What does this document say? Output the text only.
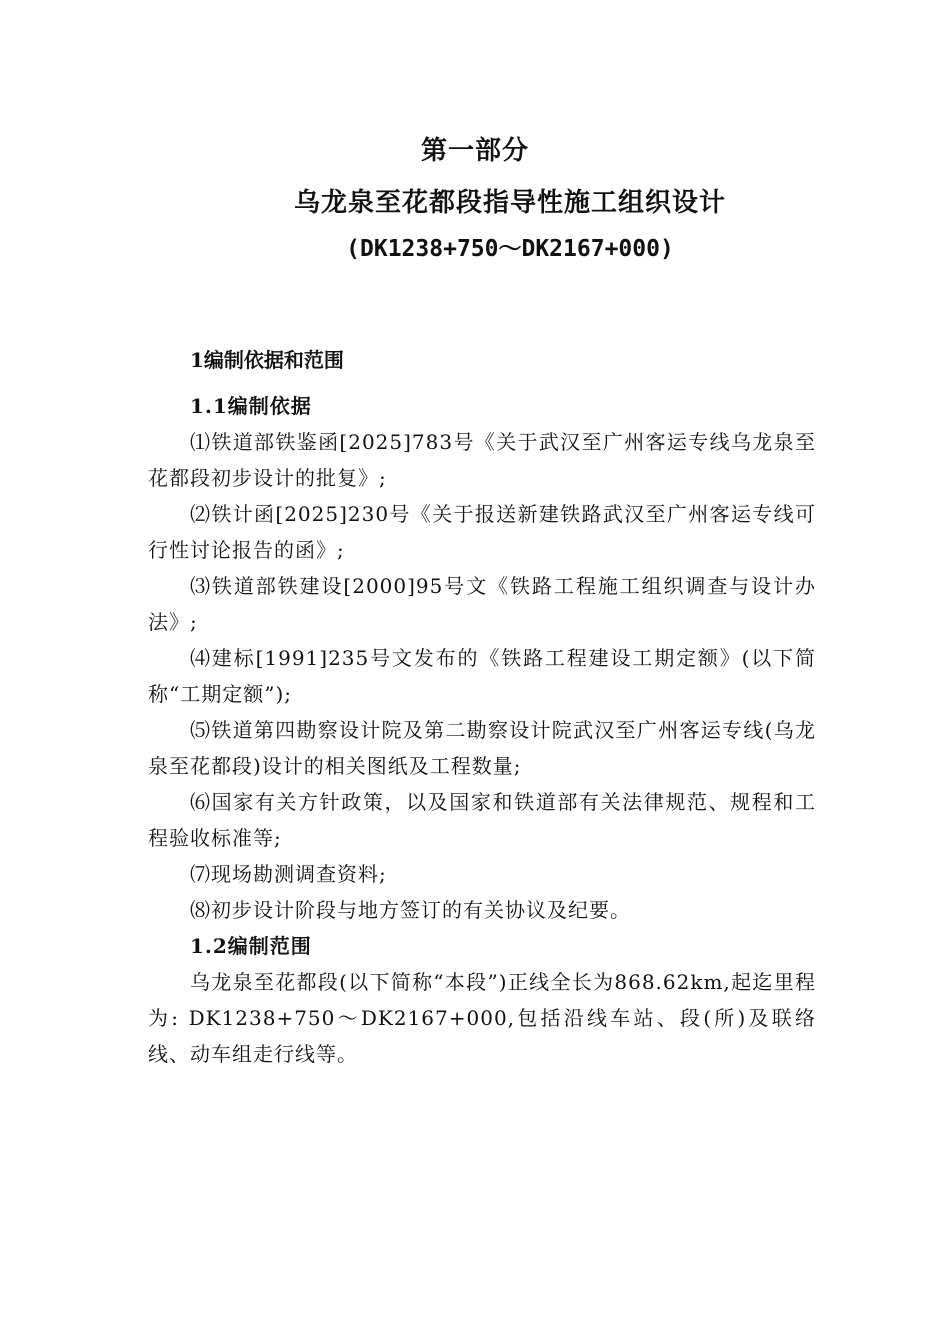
第一部分
乌龙泉至花都段指导性施工组织设计
(DK1238+750～DK2167+000)
1编制依据和范围
1.1编制依据

⑴铁道部铁鉴函[2025]783号《关于武汉至广州客运专线乌龙泉至花都段初步设计的批复》;

⑵铁计函[2025]230号《关于报送新建铁路武汉至广州客运专线可行性讨论报告的函》;

⑶铁道部铁建设[2000]95号文《铁路工程施工组织调查与设计办法》;

⑷建标[1991]235号文发布的《铁路工程建设工期定额》(以下简称“工期定额”);

⑸铁道第四勘察设计院及第二勘察设计院武汉至广州客运专线(乌龙泉至花都段)设计的相关图纸及工程数量;

⑹国家有关方针政策，以及国家和铁道部有关法律规范、规程和工程验收标准等;

⑺现场勘测调查资料;

⑻初步设计阶段与地方签订的有关协议及纪要。

1.2编制范围

乌龙泉至花都段(以下简称“本段”)正线全长为868.62km,起迄里程为: DK1238+750～DK2167+000,包括沿线车站、段(所)及联络线、动车组走行线等。
